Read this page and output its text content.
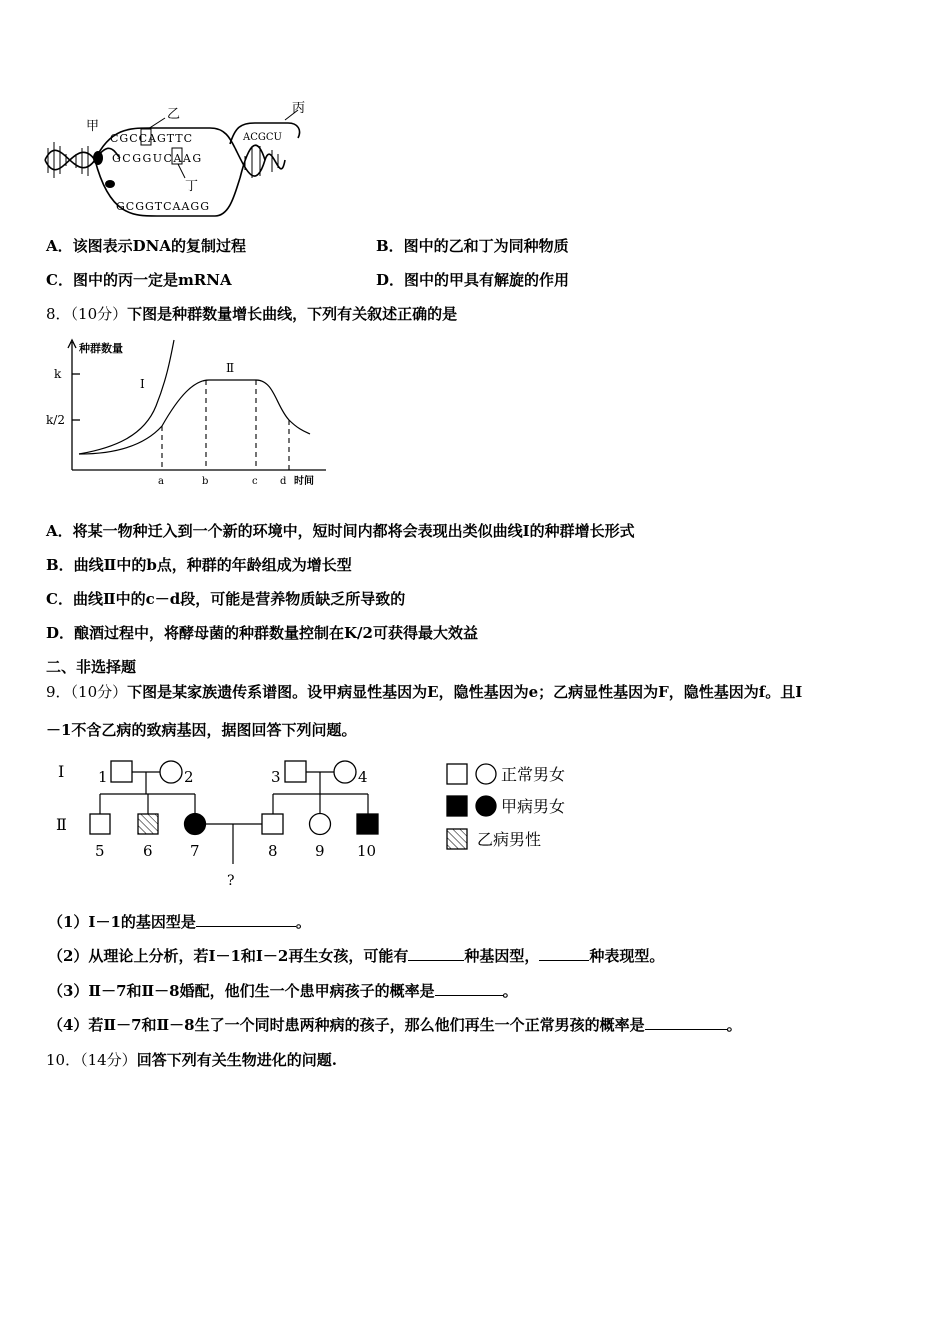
甲
乙	丙
丁
CGCCAGTTC
GCGGUCAAG
ACGCU
GCGGTCAAGG
A．该图表示DNA的复制过程	B．图中的乙和丁为同种物质
C．图中的丙一定是mRNA	D．图中的甲具有解旋的作用
8．（10分）下图是种群数量增长曲线，下列有关叙述正确的是
种群数量
k
k/2
Ⅰ
Ⅱ
a	b	c d 时间
A．将某一物种迁入到一个新的环境中，短时间内都将会表现出类似曲线Ⅰ的种群增长形式
B．曲线Ⅱ中的b点，种群的年龄组成为增长型
C．曲线Ⅱ中的c－d段，可能是营养物质缺乏所导致的
D．酿酒过程中，将酵母菌的种群数量控制在K/2可获得最大效益
二、非选择题
9．（10分）下图是某家族遗传系谱图。设甲病显性基因为E，隐性基因为e；乙病显性基因为F，隐性基因为f。且Ⅰ
－1不含乙病的致病基因，据图回答下列问题。
Ⅰ
Ⅱ
1	2	3	4
5	6 7	8 9 10
?
正常男女
甲病男女
乙病男性
（1）Ⅰ－1的基因型是	。
（2）从理论上分析，若Ⅰ－1和Ⅰ－2再生女孩，可能有	种基因型，	种表现型。
（3）Ⅱ－7和Ⅱ－8婚配，他们生一个患甲病孩子的概率是	。
（4）若Ⅱ－7和Ⅱ－8生了一个同时患两种病的孩子，那么他们再生一个正常男孩的概率是	。
10．（14分）回答下列有关生物进化的问题.
